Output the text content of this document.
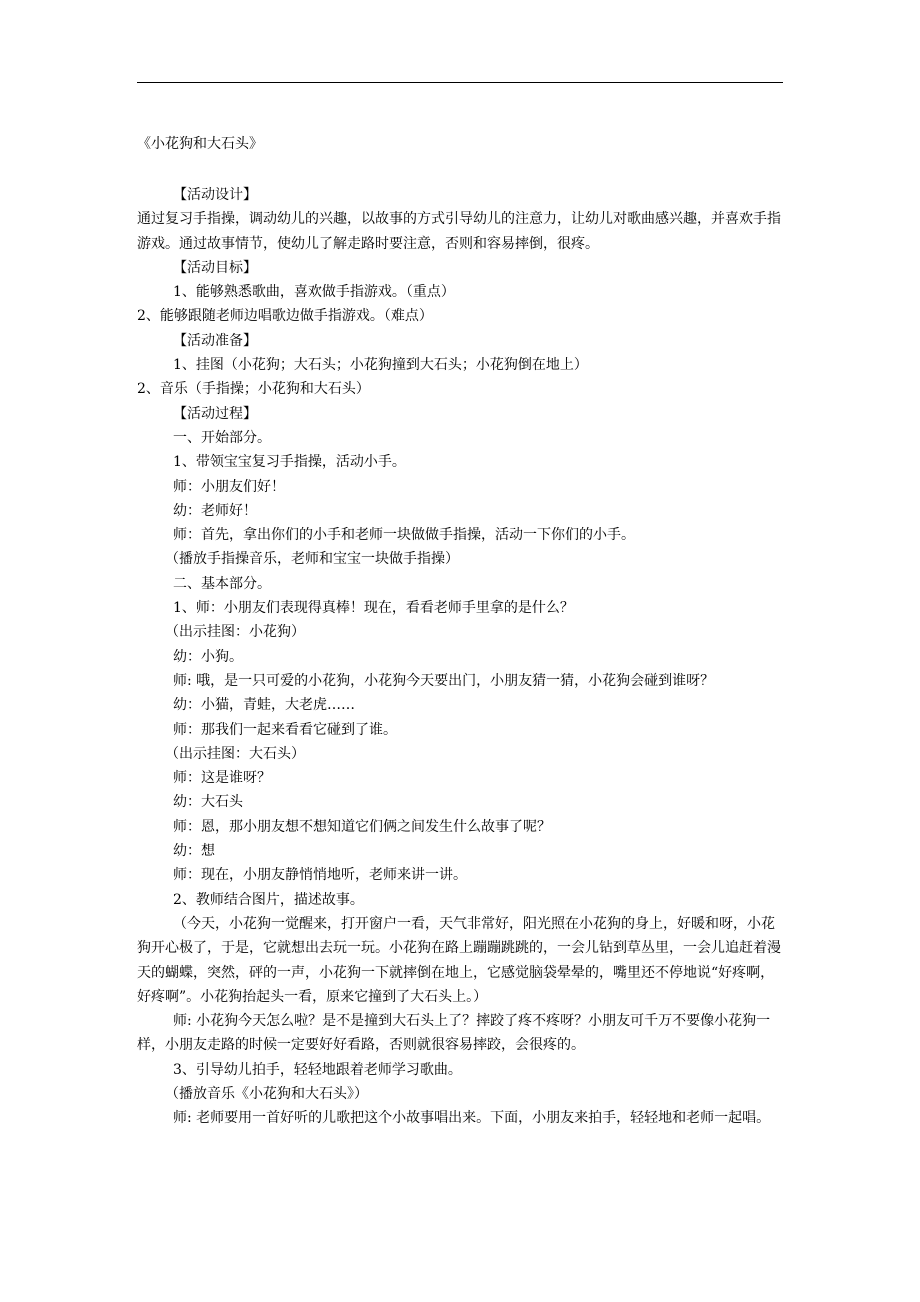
《小花狗和大石头》

【活动设计】

通过复习手指操，调动幼儿的兴趣，以故事的方式引导幼儿的注意力，让幼儿对歌曲感兴趣，并喜欢手指游戏。通过故事情节，使幼儿了解走路时要注意，否则和容易摔倒，很疼。

【活动目标】

1、能够熟悉歌曲，喜欢做手指游戏。（重点）

2、能够跟随老师边唱歌边做手指游戏。（难点）

【活动准备】

1、挂图（小花狗；大石头；小花狗撞到大石头；小花狗倒在地上）

2、音乐（手指操；小花狗和大石头）

【活动过程】

一、开始部分。

1、带领宝宝复习手指操，活动小手。

师：小朋友们好！

幼：老师好！

师：首先，拿出你们的小手和老师一块做做手指操，活动一下你们的小手。

（播放手指操音乐，老师和宝宝一块做手指操）

二、基本部分。

1、师：小朋友们表现得真棒！现在，看看老师手里拿的是什么？

（出示挂图：小花狗）

幼：小狗。

师: 哦，是一只可爱的小花狗，小花狗今天要出门，小朋友猜一猜，小花狗会碰到谁呀？

幼：小猫，青蛙，大老虎……

师：那我们一起来看看它碰到了谁。

（出示挂图：大石头）

师：这是谁呀？

幼：大石头

师：恩，那小朋友想不想知道它们俩之间发生什么故事了呢？

幼：想

师：现在，小朋友静悄悄地听，老师来讲一讲。

2、教师结合图片，描述故事。

（今天，小花狗一觉醒来，打开窗户一看，天气非常好，阳光照在小花狗的身上，好暖和呀，小花狗开心极了，于是，它就想出去玩一玩。小花狗在路上蹦蹦跳跳的，一会儿钻到草丛里，一会儿追赶着漫天的蝴蝶，突然，砰的一声，小花狗一下就摔倒在地上，它感觉脑袋晕晕的，嘴里还不停地说“好疼啊，好疼啊”。小花狗抬起头一看，原来它撞到了大石头上。）

师: 小花狗今天怎么啦？是不是撞到大石头上了？摔跤了疼不疼呀？小朋友可千万不要像小花狗一样，小朋友走路的时候一定要好好看路，否则就很容易摔跤，会很疼的。

3、引导幼儿拍手，轻轻地跟着老师学习歌曲。

（播放音乐《小花狗和大石头》）

师: 老师要用一首好听的儿歌把这个小故事唱出来。下面，小朋友来拍手，轻轻地和老师一起唱。
